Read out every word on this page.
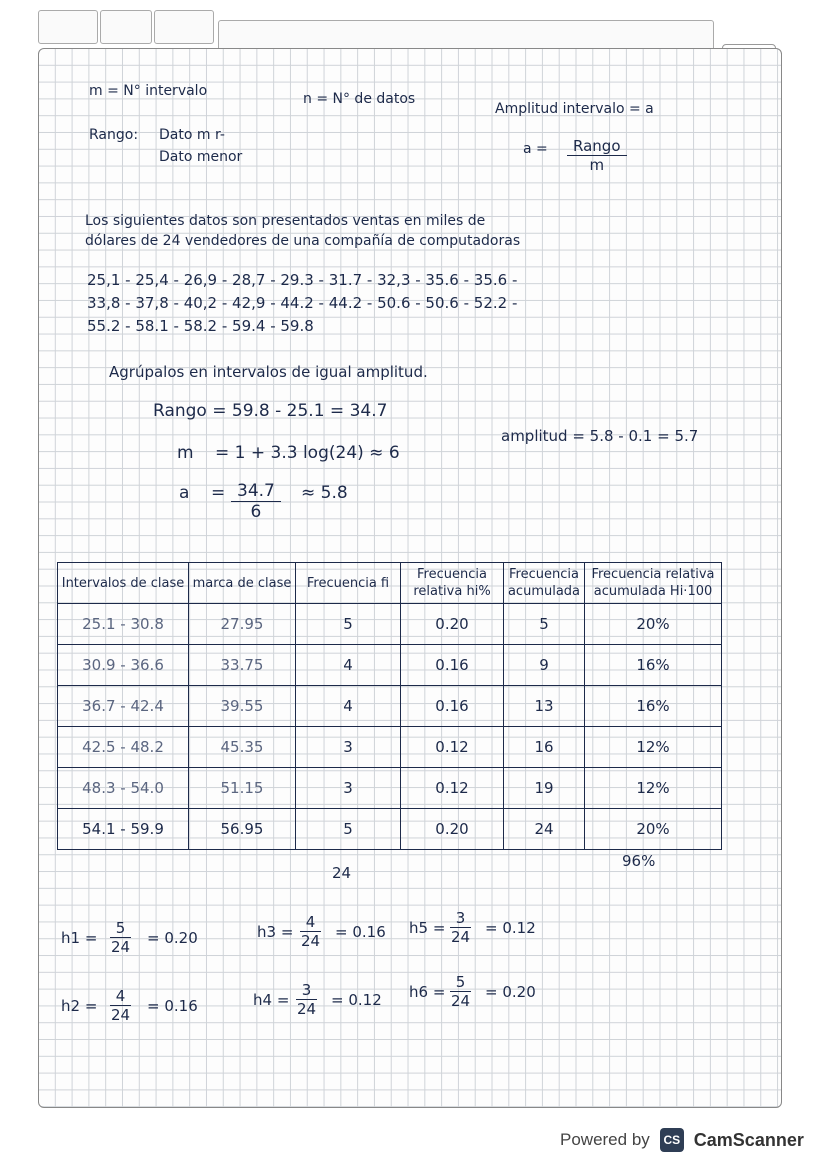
m = N° intervalo	n = N° de datos
Amplitud intervalo = a
Rango: Dato m r-
Dato menor	a =	Rango
m
Los siguientes datos son presentados ventas en miles de
dólares de 24 vendedores de una compañía de computadoras
25,1 - 25,4 - 26,9 - 28,7 - 29.3 - 31.7 - 32,3 - 35.6 - 35.6 -
33,8 - 37,8 - 40,2 - 42,9 - 44.2 - 44.2 - 50.6 - 50.6 - 52.2 -
55.2 - 58.1 - 58.2 - 59.4 - 59.8
Agrúpalos en intervalos de igual amplitud.
Rango = 59.8 - 25.1 = 34.7
m = 1 + 3.3 log(24) ≈ 6
amplitud = 5.8 - 0.1 = 5.7
$a = \frac{34.7}{6} \approx 5.8$
$h1 = \frac{5}{24} = 0.20$	$h3 = \frac{4}{24} = 0.16$ $h5 = \frac{3}{24} = 0.12$
$h2 = \frac{4}{24} = 0.16$	$h4 = \frac{3}{24} = 0.12$ $h6 = \frac{5}{24} = 0.20$
Intervalos de clase	marca de clase	Frecuencia fi	Frecuencia relativa hi%	Frecuencia acumulada	Frecuencia relativa acumulada Hi·100
25.1 - 30.8	27.95	5	0.20	5	20%
30.9 - 36.6	33.75	4	0.16	9	16%
36.7 - 42.4	39.55	4	0.16	13	16%
42.5 - 48.2	45.35	3	0.12	16	12%
48.3 - 54.0	51.15	3	0.12	19	12%
54.1 - 59.9	56.95	5	0.20	24	20%
24
96%
Powered by	CS CamScanner
